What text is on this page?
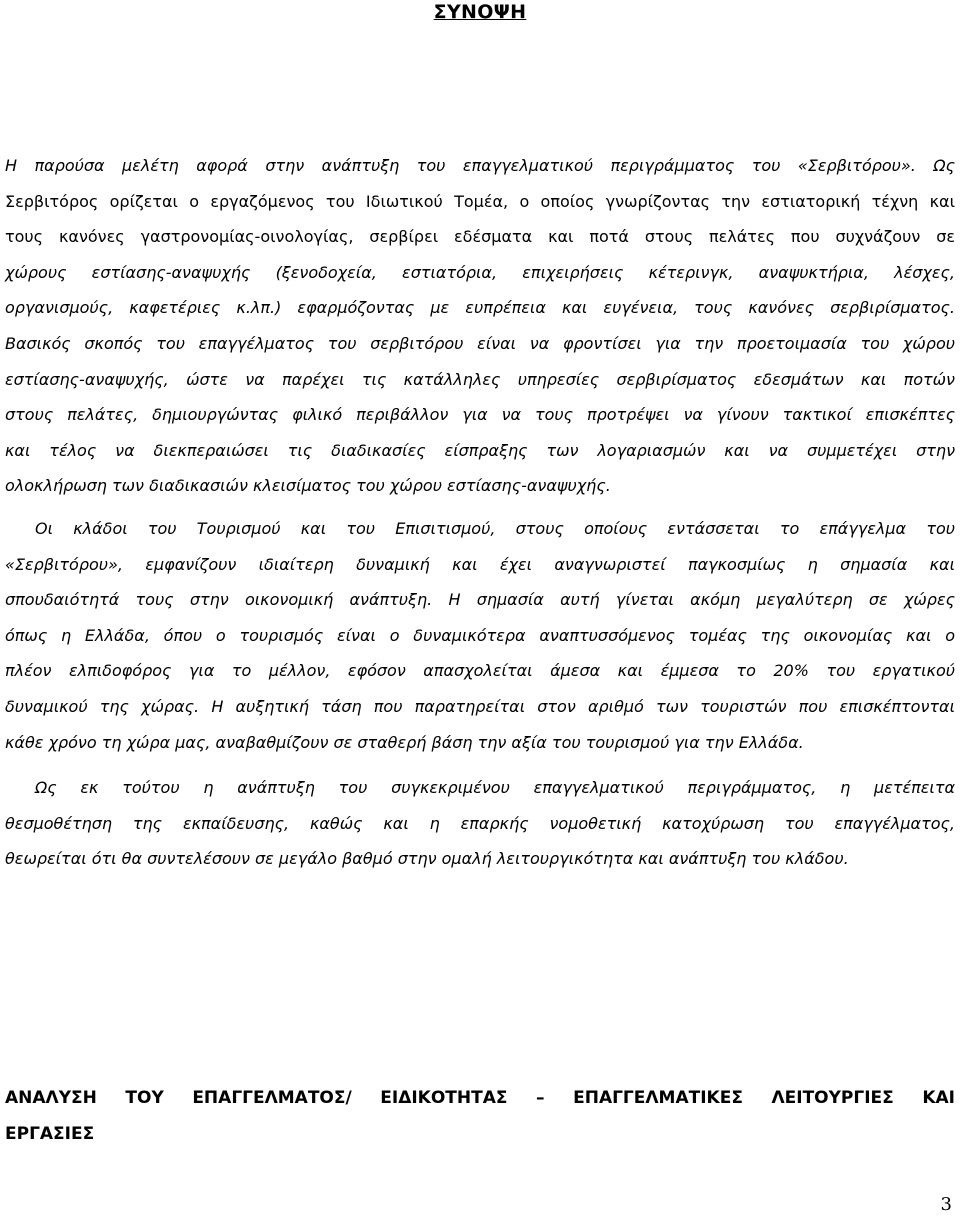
ΣΥΝΟΨΗ
Η παρούσα μελέτη αφορά στην ανάπτυξη του επαγγελματικού περιγράμματος του «Σερβιτόρου». Ως
Σερβιτόρος ορίζεται ο εργαζόμενος του Ιδιωτικού Τομέα, ο οποίος γνωρίζοντας την εστιατορική τέχνη και
τους κανόνες γαστρονομίας-οινολογίας, σερβίρει εδέσματα και ποτά στους πελάτες που συχνάζουν σε
χώρους εστίασης-αναψυχής (ξενοδοχεία, εστιατόρια, επιχειρήσεις κέτερινγκ, αναψυκτήρια, λέσχες,
οργανισμούς, καφετέριες κ.λπ.) εφαρμόζοντας με ευπρέπεια και ευγένεια, τους κανόνες σερβιρίσματος.
Βασικός σκοπός του επαγγέλματος του σερβιτόρου είναι να φροντίσει για την προετοιμασία του χώρου
εστίασης-αναψυχής, ώστε να παρέχει τις κατάλληλες υπηρεσίες σερβιρίσματος εδεσμάτων και ποτών
στους πελάτες, δημιουργώντας φιλικό περιβάλλον για να τους προτρέψει να γίνουν τακτικοί επισκέπτες
και τέλος να διεκπεραιώσει τις διαδικασίες είσπραξης των λογαριασμών και να συμμετέχει στην
ολοκλήρωση των διαδικασιών κλεισίματος του χώρου εστίασης-αναψυχής.
Οι κλάδοι του Τουρισμού και του Επισιτισμού, στους οποίους εντάσσεται το επάγγελμα του
«Σερβιτόρου», εμφανίζουν ιδιαίτερη δυναμική και έχει αναγνωριστεί παγκοσμίως η σημασία και
σπουδαιότητά τους στην οικονομική ανάπτυξη. Η σημασία αυτή γίνεται ακόμη μεγαλύτερη σε χώρες
όπως η Ελλάδα, όπου ο τουρισμός είναι ο δυναμικότερα αναπτυσσόμενος τομέας της οικονομίας και ο
πλέον ελπιδοφόρος για το μέλλον, εφόσον απασχολείται άμεσα και έμμεσα το 20% του εργατικού
δυναμικού της χώρας. Η αυξητική τάση που παρατηρείται στον αριθμό των τουριστών που επισκέπτονται
κάθε χρόνο τη χώρα μας, αναβαθμίζουν σε σταθερή βάση την αξία του τουρισμού για την Ελλάδα.
Ως εκ τούτου η ανάπτυξη του συγκεκριμένου επαγγελματικού περιγράμματος, η μετέπειτα
θεσμοθέτηση της εκπαίδευσης, καθώς και η επαρκής νομοθετική κατοχύρωση του επαγγέλματος,
θεωρείται ότι θα συντελέσουν σε μεγάλο βαθμό στην ομαλή λειτουργικότητα και ανάπτυξη του κλάδου.
ΑΝΑΛΥΣΗ ΤΟΥ ΕΠΑΓΓΕΛΜΑΤΟΣ/ ΕΙΔΙΚΟΤΗΤΑΣ – ΕΠΑΓΓΕΛΜΑΤΙΚΕΣ ΛΕΙΤΟΥΡΓΙΕΣ ΚΑΙ
ΕΡΓΑΣΙΕΣ
3
